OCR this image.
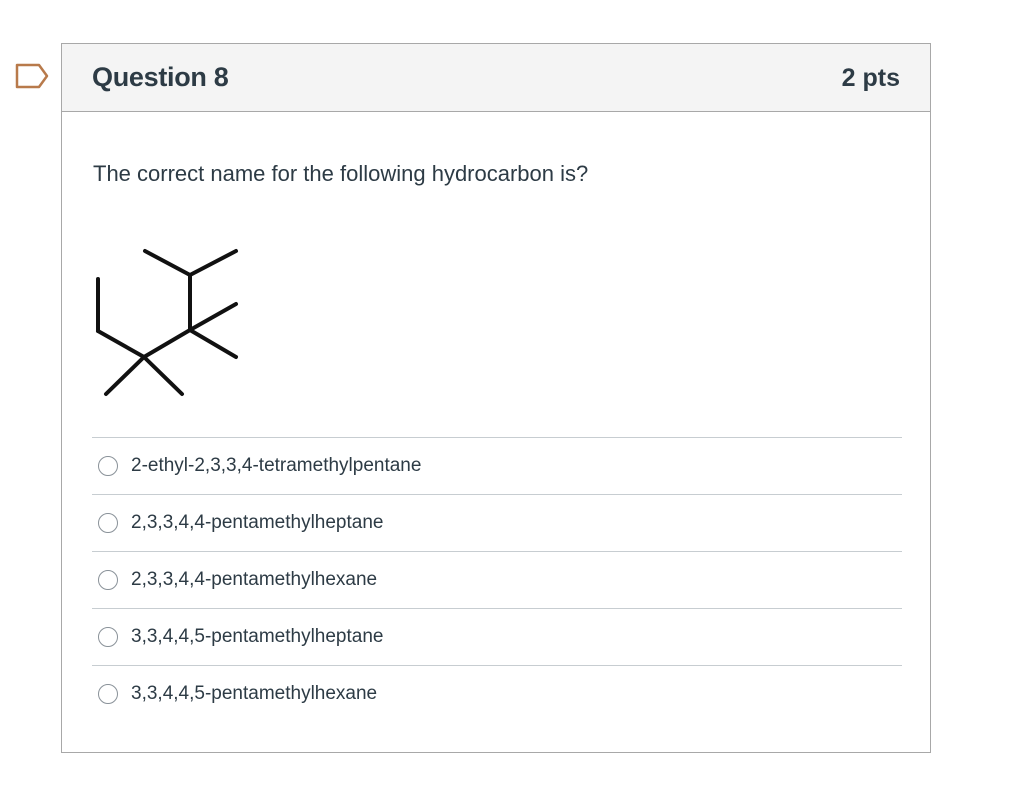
Question 8	2 pts
The correct name for the following hydrocarbon is?
2-ethyl-2,3,3,4-tetramethylpentane
2,3,3,4,4-pentamethylheptane
2,3,3,4,4-pentamethylhexane
3,3,4,4,5-pentamethylheptane
3,3,4,4,5-pentamethylhexane
